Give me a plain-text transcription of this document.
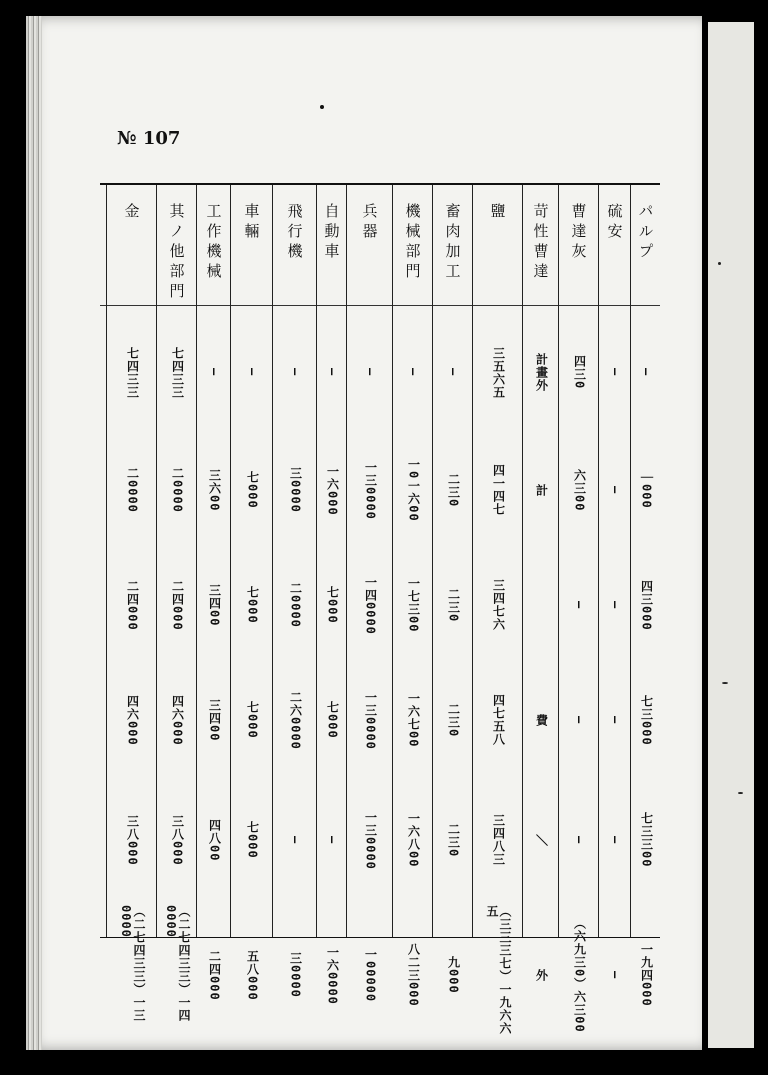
№ 107
パルプ
—
｜000
四三000
七三000
七三三00
一九四000
硫安
—
—
—
—
—
—
曹達灰
四三0
六三00
—
—
—
（六九三0）六三00
苛性曹達
計畫外
計
費
＼
外
鹽
三五六五
四一四七
三四七六
四七五八
三四八三
（三三三七）一九六六五
畜肉加工
—
二三0
二三0
二三0
二三0
九000
機械部門
—
一0一六00
一七三00
一六七00
一六八00
八二三000
兵器
—
一三0000
一四0000
一三0000
一三0000
一00000
自動車
—
一六000
七000
七000
—
一六0000
飛行機
—
三0000
二0000
二六0000
—
三0000
車輛
—
七000
七000
七000
七000
五八000
工作機械
—
三六00
三四00
三四00
四八00
二四000
其ノ他部門
七四三三
二0000
二四000
四六000
三八000
（二七四三三）一四0000
金
七四三三
二0000
二四000
四六000
三八000
（二七四三三）一三0000
